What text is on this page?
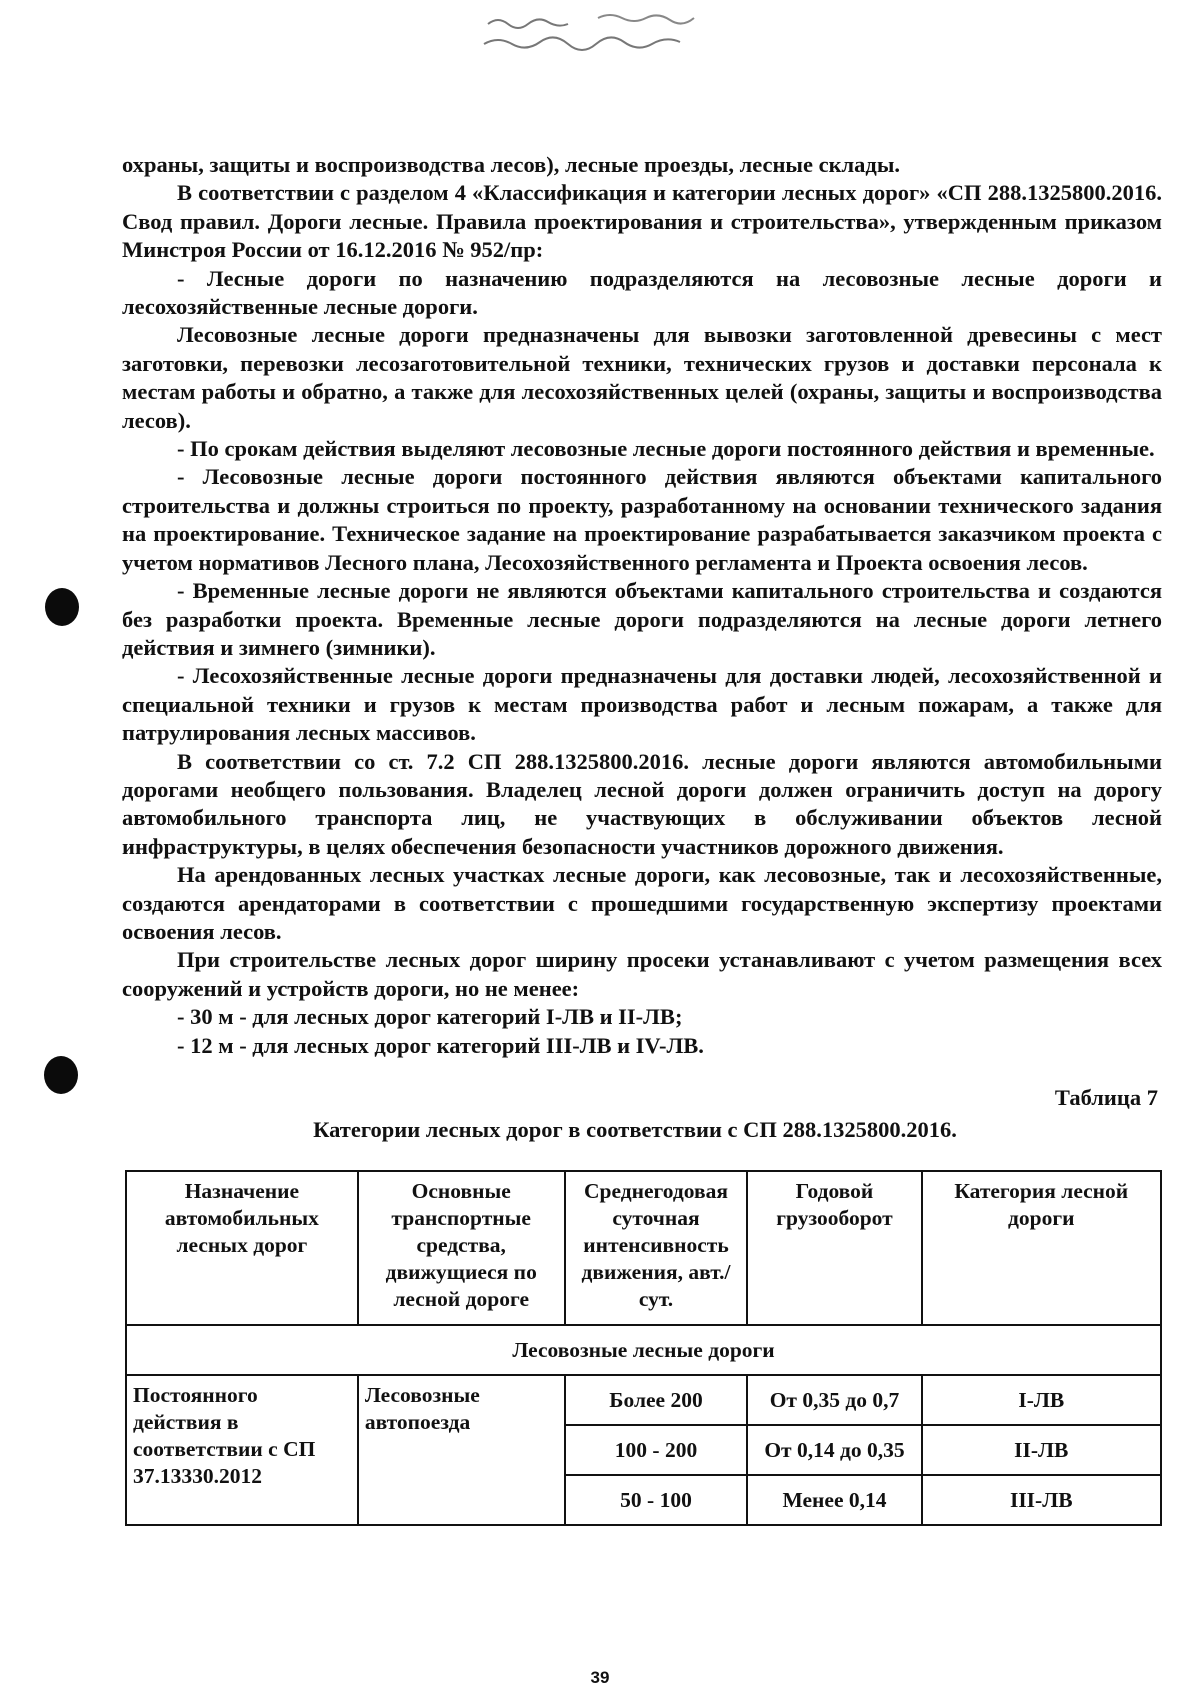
охраны, защиты и воспроизводства лесов), лесные проезды, лесные склады.

В соответствии с разделом 4 «Классификация и категории лесных дорог» «СП 288.1325800.2016. Свод правил. Дороги лесные. Правила проектирования и строительства», утвержденным приказом Минстроя России от 16.12.2016 № 952/пр:

- Лесные дороги по назначению подразделяются на лесовозные лесные дороги и лесохозяйственные лесные дороги.

Лесовозные лесные дороги предназначены для вывозки заготовленной древесины с мест заготовки, перевозки лесозаготовительной техники, технических грузов и доставки персонала к местам работы и обратно, а также для лесохозяйственных целей (охраны, защиты и воспроизводства лесов).

- По срокам действия выделяют лесовозные лесные дороги постоянного действия и временные.

- Лесовозные лесные дороги постоянного действия являются объектами капитального строительства и должны строиться по проекту, разработанному на основании технического задания на проектирование. Техническое задание на проектирование разрабатывается заказчиком проекта с учетом нормативов Лесного плана, Лесохозяйственного регламента и Проекта освоения лесов.

- Временные лесные дороги не являются объектами капитального строительства и создаются без разработки проекта. Временные лесные дороги подразделяются на лесные дороги летнего действия и зимнего (зимники).

- Лесохозяйственные лесные дороги предназначены для доставки людей, лесохозяйственной и специальной техники и грузов к местам производства работ и лесным пожарам, а также для патрулирования лесных массивов.

В соответствии со ст. 7.2 СП 288.1325800.2016. лесные дороги являются автомобильными дорогами необщего пользования. Владелец лесной дороги должен ограничить доступ на дорогу автомобильного транспорта лиц, не участвующих в обслуживании объектов лесной инфраструктуры, в целях обеспечения безопасности участников дорожного движения.

На арендованных лесных участках лесные дороги, как лесовозные, так и лесохозяйственные, создаются арендаторами в соответствии с прошедшими государственную экспертизу проектами освоения лесов.

При строительстве лесных дорог ширину просеки устанавливают с учетом размещения всех сооружений и устройств дороги, но не менее:

- 30 м - для лесных дорог категорий I-ЛВ и II-ЛВ;

- 12 м - для лесных дорог категорий III-ЛВ и IV-ЛВ.

Таблица 7
Категории лесных дорог в соответствии с СП 288.1325800.2016.
Назначение автомобильных лесных дорог	Основные транспортные средства, движущиеся по лесной дороге	Среднегодовая суточная интенсивность движения, авт./сут.	Годовой грузооборот	Категория лесной дороги
Лесовозные лесные дороги				
Постоянного действия в соответствии с СП 37.13330.2012	Лесовозные автопоезда	Более 200	От 0,35 до 0,7	I-ЛВ
		100 - 200	От 0,14 до 0,35	II-ЛВ
		50 - 100	Менее 0,14	III-ЛВ
39
